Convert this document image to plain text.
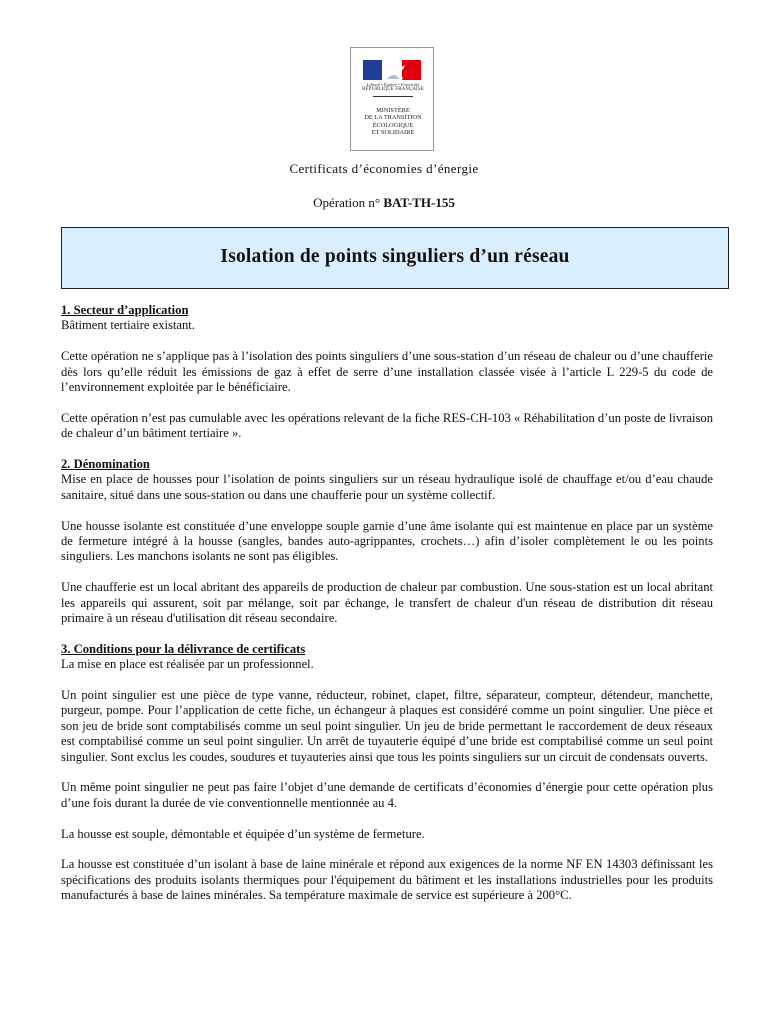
Liberté • Égalité • Fraternité
RÉPUBLIQUE FRANÇAISE
MINISTÈRE
DE LA TRANSITION
ÉCOLOGIQUE
ET SOLIDAIRE
Certificats d’économies d’énergie
Opération n° BAT-TH-155
Isolation de points singuliers d’un réseau
1. Secteur d’application

Bâtiment tertiaire existant.

Cette opération ne s’applique pas à l’isolation des points singuliers d’une sous-station d’un réseau de chaleur ou d’une chaufferie dès lors qu’elle réduit les émissions de gaz à effet de serre d’une installation classée visée à l’article L 229-5 du code de l’environnement exploitée par le bénéficiaire.

Cette opération n’est pas cumulable avec les opérations relevant de la fiche RES-CH-103 « Réhabilitation d’un poste de livraison de chaleur d’un bâtiment tertiaire ».

2. Dénomination

Mise en place de housses pour l’isolation de points singuliers sur un réseau hydraulique isolé de chauffage et/ou d’eau chaude sanitaire, situé dans une sous-station ou dans une chaufferie pour un système collectif.

Une housse isolante est constituée d’une enveloppe souple garnie d’une âme isolante qui est maintenue en place par un système de fermeture intégré à la housse (sangles, bandes auto-agrippantes, crochets…) afin d’isoler complètement le ou les points singuliers. Les manchons isolants ne sont pas éligibles.

Une chaufferie est un local abritant des appareils de production de chaleur par combustion. Une sous-station est un local abritant les appareils qui assurent, soit par mélange, soit par échange, le transfert de chaleur d'un réseau de distribution dit réseau primaire à un réseau d'utilisation dit réseau secondaire.

3. Conditions pour la délivrance de certificats

La mise en place est réalisée par un professionnel.

Un point singulier est une pièce de type vanne, réducteur, robinet, clapet, filtre, séparateur, compteur, détendeur, manchette, purgeur, pompe. Pour l’application de cette fiche, un échangeur à plaques est considéré comme un point singulier. Une pièce et son jeu de bride sont comptabilisés comme un seul point singulier. Un jeu de bride permettant le raccordement de deux réseaux est comptabilisé comme un seul point singulier. Un arrêt de tuyauterie équipé d’une bride est comptabilisé comme un seul point singulier. Sont exclus les coudes, soudures et tuyauteries ainsi que tous les points singuliers sur un circuit de condensats ouverts.

Un même point singulier ne peut pas faire l’objet d’une demande de certificats d’économies d’énergie pour cette opération plus d’une fois durant la durée de vie conventionnelle mentionnée au 4.

La housse est souple, démontable et équipée d’un système de fermeture.

La housse est constituée d’un isolant à base de laine minérale et répond aux exigences de la norme NF EN 14303 définissant les spécifications des produits isolants thermiques pour l'équipement du bâtiment et les installations industrielles pour les produits manufacturés à base de laines minérales. Sa température maximale de service est supérieure à 200°C.
